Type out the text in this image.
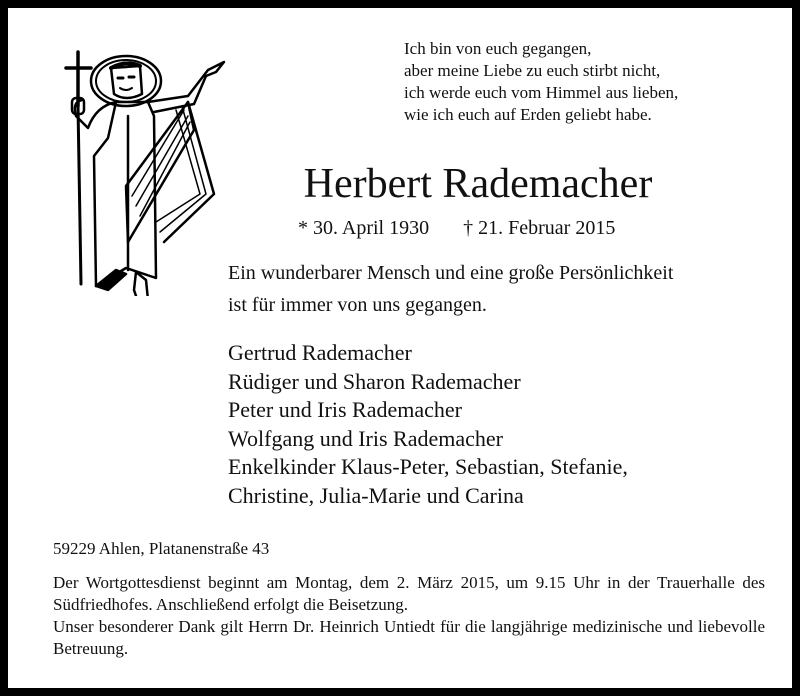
Ich bin von euch gegangen,
aber meine Liebe zu euch stirbt nicht,
ich werde euch vom Himmel aus lieben,
wie ich euch auf Erden geliebt habe.
Herbert Rademacher
* 30. April 1930 † 21. Februar 2015
Ein wunderbarer Mensch und eine große Persönlichkeit
ist für immer von uns gegangen.
Gertrud Rademacher
Rüdiger und Sharon Rademacher
Peter und Iris Rademacher
Wolfgang und Iris Rademacher
Enkelkinder Klaus-Peter, Sebastian, Stefanie,
Christine, Julia-Marie und Carina
59229 Ahlen, Platanenstraße 43
Der Wortgottesdienst beginnt am Montag, dem 2. März 2015, um 9.15 Uhr in der Trauerhalle des Südfriedhofes. Anschließend erfolgt die Beisetzung.
Unser besonderer Dank gilt Herrn Dr. Heinrich Untiedt für die langjährige medizinische und liebevolle Betreuung.
